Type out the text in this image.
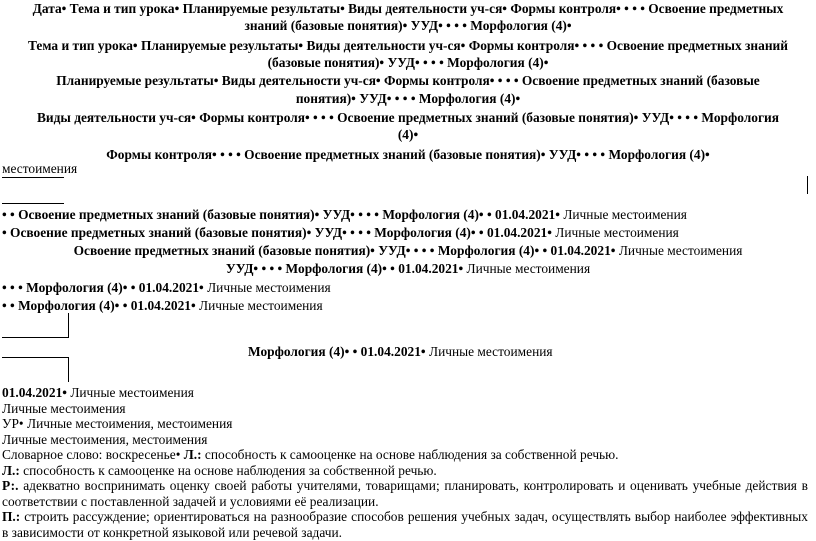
Дата• Тема и тип урока• Планируемые результаты• Виды деятельности уч-ся• Формы контроля• • • • Освоение предметных
знаний (базовые понятия)• УУД• • • • Морфология (4)•
Тема и тип урока• Планируемые результаты• Виды деятельности уч-ся• Формы контроля• • • • Освоение предметных знаний
(базовые понятия)• УУД• • • • Морфология (4)•
Планируемые результаты• Виды деятельности уч-ся• Формы контроля• • • • Освоение предметных знаний (базовые
понятия)• УУД• • • • Морфология (4)•
Виды деятельности уч-ся• Формы контроля• • • • Освоение предметных знаний (базовые понятия)• УУД• • • • Морфология
(4)•
Формы контроля• • • • Освоение предметных знаний (базовые понятия)• УУД• • • • Морфология (4)•
местоимения
• • Освоение предметных знаний (базовые понятия)• УУД• • • • Морфология (4)• • 01.04.2021• Личные местоимения
• Освоение предметных знаний (базовые понятия)• УУД• • • • Морфология (4)• • 01.04.2021• Личные местоимения
Освоение предметных знаний (базовые понятия)• УУД• • • • Морфология (4)• • 01.04.2021• Личные местоимения
УУД• • • • Морфология (4)• • 01.04.2021• Личные местоимения
• • • Морфология (4)• • 01.04.2021• Личные местоимения
• • Морфология (4)• • 01.04.2021• Личные местоимения
Морфология (4)• • 01.04.2021• Личные местоимения
01.04.2021• Личные местоимения
Личные местоимения
УР• Личные местоимения, местоимения
Личные местоимения, местоимения
Словарное слово: воскресенье• Л.: способность к самооценке на основе наблюдения за собственной речью.
Л.: способность к самооценке на основе наблюдения за собственной речью.
Р:. адекватно воспринимать оценку своей работы учителями, товарищами; планировать, контролировать и оценивать учебные действия в соответствии с поставленной задачей и условиями её реализации.
П.: строить рассуждение; ориентироваться на разнообразие способов решения учебных задач, осуществлять выбор наиболее эффективных в зависимости от конкретной языковой или речевой задачи.
